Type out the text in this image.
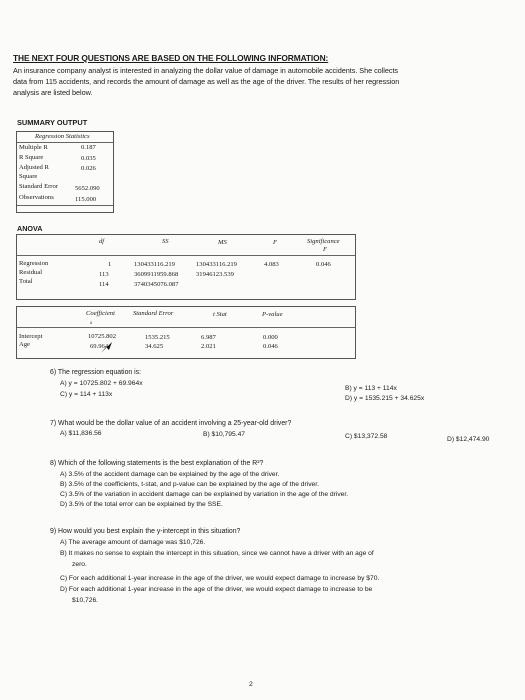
THE NEXT FOUR QUESTIONS ARE BASED ON THE FOLLOWING INFORMATION:
An insurance company analyst is interested in analyzing the dollar value of damage in automobile accidents. She collects
data from 115 accidents, and records the amount of damage as well as the age of the driver. The results of her regression
analysis are listed below.
SUMMARY OUTPUT
Regression Statistics
Multiple R	0.187
R Square	0.035
Adjusted R	0.026
Square
Standard Error	5652.090
Observations	115.000
ANOVA
df	SS	MS	F	Significance
F
Regression	1	130433116.219	130433116.219	4.083	0.046
Residual	113	3609911959.868	31946123.539
Total	114	3740345076.087
Coefficient	Standard Error	t Stat	P-value
s
Intercept	10725.802	1535.215	6.987	0.000
Age	69.964	34.625	2.021	0.046
6) The regression equation is:
A) y = 10725.802 + 69.964x
C) y = 114 + 113x
B) y = 113 + 114x
D) y = 1535.215 + 34.625x
7) What would be the dollar value of an accident involving a 25-year-old driver?
A) $11,836.56	B) $10,795.47	C) $13,372.58	D) $12,474.90
8) Which of the following statements is the best explanation of the R²?
A) 3.5% of the accident damage can be explained by the age of the driver.
B) 3.5% of the coefficients, t-stat, and p-value can be explained by the age of the driver.
C) 3.5% of the variation in accident damage can be explained by variation in the age of the driver.
D) 3.5% of the total error can be explained by the SSE.
9) How would you best explain the y-intercept in this situation?
A) The average amount of damage was $10,726.
B) It makes no sense to explain the intercept in this situation, since we cannot have a driver with an age of
zero.
C) For each additional 1-year increase in the age of the driver, we would expect damage to increase by $70.
D) For each additional 1-year increase in the age of the driver, we would expect damage to increase to be
$10,726.
2
